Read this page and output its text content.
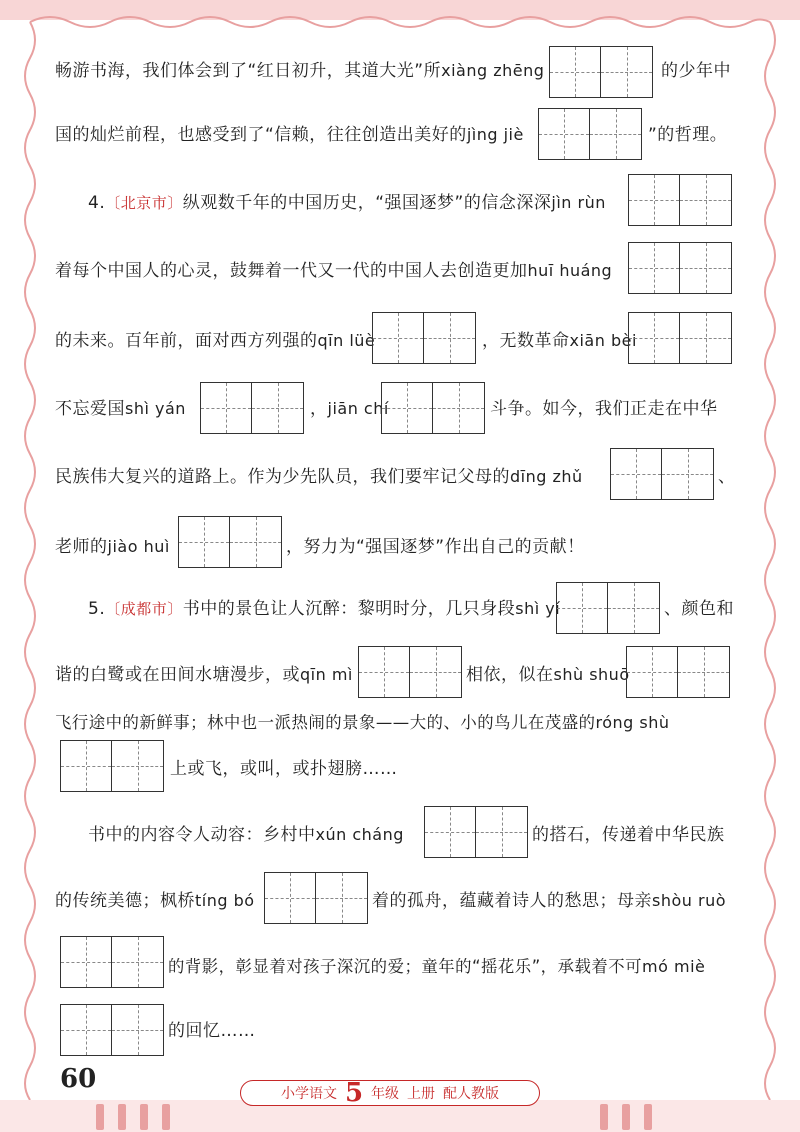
畅游书海，我们体会到了“红日初升，其道大光”所xiàng zhēng	的少年中
国的灿烂前程，也感受到了“信赖，往往创造出美好的jìng jiè	”的哲理。
4.〔北京市〕纵观数千年的中国历史，“强国逐梦”的信念深深jìn rùn
着每个中国人的心灵，鼓舞着一代又一代的中国人去创造更加huī huáng
的未来。百年前，面对西方列强的qīn lüè	，无数革命xiān bèi
不忘爱国shì yán	，jiān chí	斗争。如今，我们正走在中华
民族伟大复兴的道路上。作为少先队员，我们要牢记父母的dīng zhǔ	、
老师的jiào huì	，努力为“强国逐梦”作出自己的贡献！
5.〔成都市〕书中的景色让人沉醉：黎明时分，几只身段shì yí	、颜色和
谐的白鹭或在田间水塘漫步，或qīn mì	相依，似在shù shuō
飞行途中的新鲜事；林中也一派热闹的景象——大的、小的鸟儿在茂盛的róng shù
上或飞，或叫，或扑翅膀……
书中的内容令人动容：乡村中xún cháng	的搭石，传递着中华民族
的传统美德；枫桥tíng bó	着的孤舟，蕴藏着诗人的愁思；母亲shòu ruò
的背影，彰显着对孩子深沉的爱；童年的“摇花乐”，承载着不可mó miè
的回忆……
60	小学语文 5 年级 上册 配人教版
